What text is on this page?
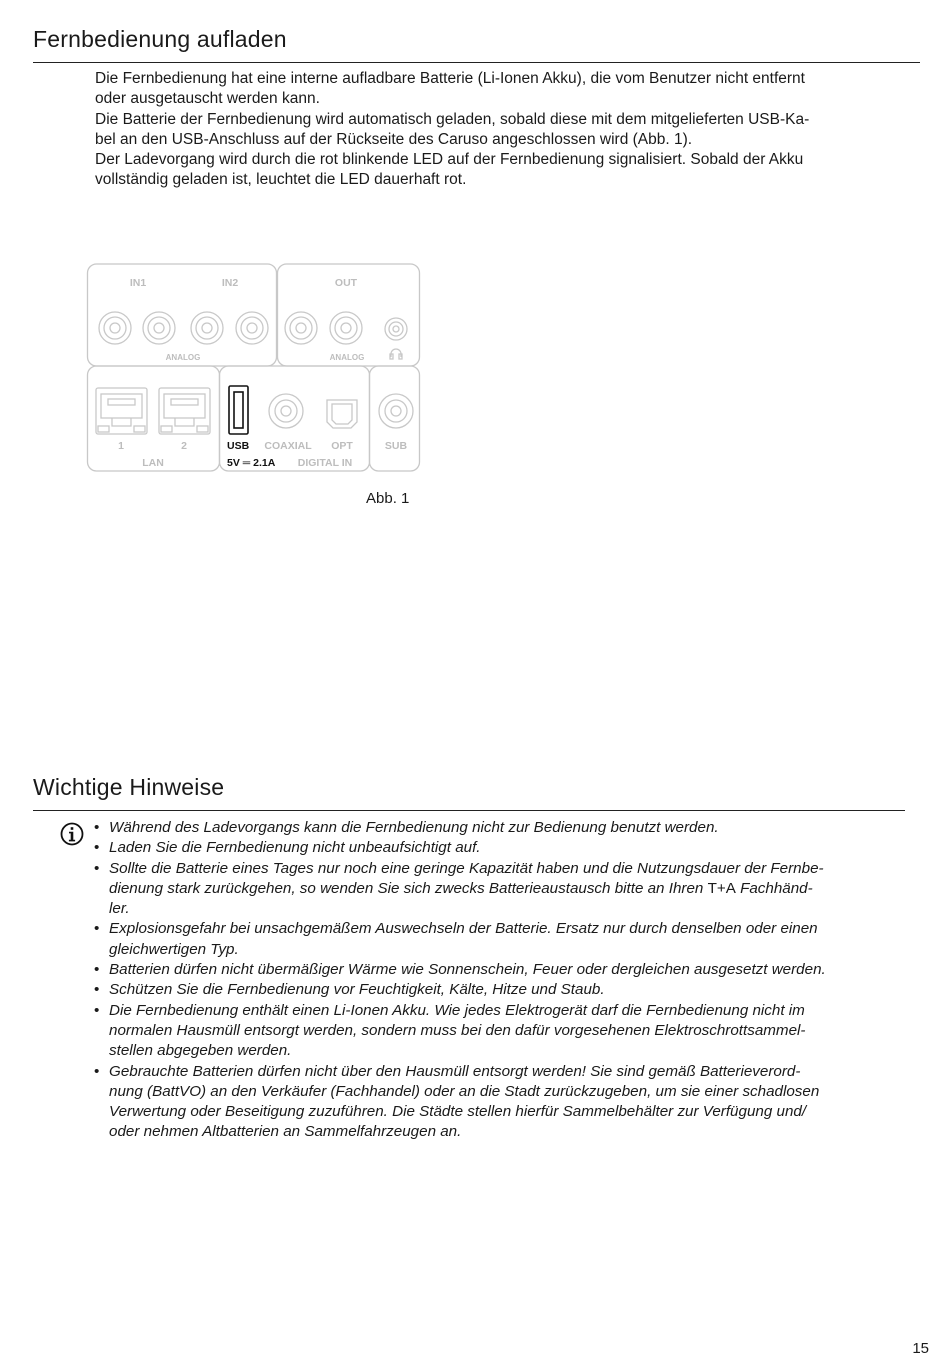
Fernbedienung aufladen

Die Fernbedienung hat eine interne aufladbare Batterie (Li-Ionen Akku), die vom Benutzer nicht entfernt

oder ausgetauscht werden kann.

Die Batterie der Fernbedienung wird automatisch geladen, sobald diese mit dem mitgelieferten USB-Ka-

bel an den USB-Anschluss auf der Rückseite des Caruso angeschlossen wird (Abb. 1).

Der Ladevorgang wird durch die rot blinkende LED auf der Fernbedienung signalisiert. Sobald der Akku

vollständig geladen ist, leuchtet die LED dauerhaft rot.

IN1	IN2	OUT
ANALOG	ANALOG
1	2
LAN
COAXIAL OPT
DIGITAL IN
SUB
USB
5V ═ 2.1A
Abb. 1
Wichtige Hinweise
• Während des Ladevorgangs kann die Fernbedienung nicht zur Bedienung benutzt werden.
• Laden Sie die Fernbedienung nicht unbeaufsichtigt auf.
• Sollte die Batterie eines Tages nur noch eine geringe Kapazität haben und die Nutzungsdauer der Fernbe-
dienung stark zurückgehen, so wenden Sie sich zwecks Batterieaustausch bitte an Ihren T+A Fachhänd-
ler.
• Explosionsgefahr bei unsachgemäßem Auswechseln der Batterie. Ersatz nur durch denselben oder einen
gleichwertigen Typ.
• Batterien dürfen nicht übermäßiger Wärme wie Sonnenschein, Feuer oder dergleichen ausgesetzt werden.
• Schützen Sie die Fernbedienung vor Feuchtigkeit, Kälte, Hitze und Staub.
• Die Fernbedienung enthält einen Li-Ionen Akku. Wie jedes Elektrogerät darf die Fernbedienung nicht im
normalen Hausmüll entsorgt werden, sondern muss bei den dafür vorgesehenen Elektroschrottsammel-
stellen abgegeben werden.
• Gebrauchte Batterien dürfen nicht über den Hausmüll entsorgt werden! Sie sind gemäß Batterieverord-
nung (BattVO) an den Verkäufer (Fachhandel) oder an die Stadt zurückzugeben, um sie einer schadlosen
Verwertung oder Beseitigung zuzuführen. Die Städte stellen hierfür Sammelbehälter zur Verfügung und/
oder nehmen Altbatterien an Sammelfahrzeugen an.
15
